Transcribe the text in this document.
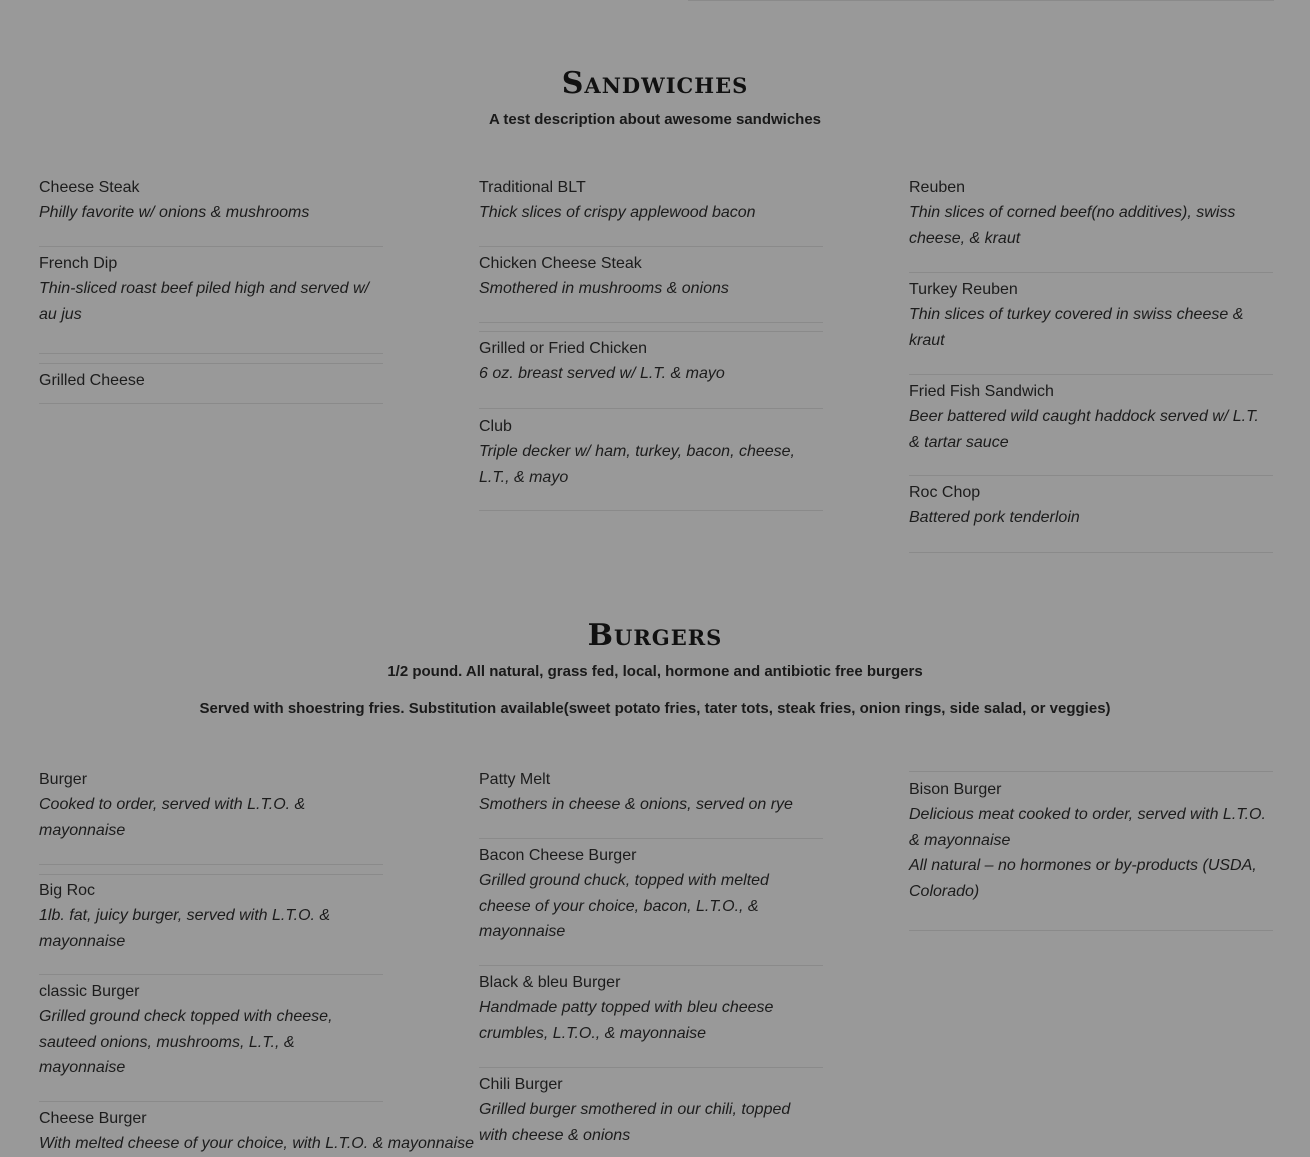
Sandwiches

A test description about awesome sandwiches

Cheese Steak

Philly favorite w/ onions & mushrooms

French Dip

Thin-sliced roast beef piled high and served w/ au jus

Grilled Cheese

Traditional BLT

Thick slices of crispy applewood bacon

Chicken Cheese Steak

Smothered in mushrooms & onions

Grilled or Fried Chicken

6 oz. breast served w/ L.T. & mayo

Club

Triple decker w/ ham, turkey, bacon, cheese, L.T., & mayo

Reuben

Thin slices of corned beef(no additives), swiss cheese, & kraut

Turkey Reuben

Thin slices of turkey covered in swiss cheese & kraut

Fried Fish Sandwich

Beer battered wild caught haddock served w/ L.T. & tartar sauce

Roc Chop

Battered pork tenderloin

Burgers

1/2 pound. All natural, grass fed, local, hormone and antibiotic free burgers

Served with shoestring fries. Substitution available(sweet potato fries, tater tots, steak fries, onion rings, side salad, or veggies)

Burger

Cooked to order, served with L.T.O. & mayonnaise

Big Roc

1lb. fat, juicy burger, served with L.T.O. & mayonnaise

classic Burger

Grilled ground check topped with cheese, sauteed onions, mushrooms, L.T., & mayonnaise

Cheese Burger

With melted cheese of your choice, with L.T.O. & mayonnaise

Patty Melt

Smothers in cheese & onions, served on rye

Bacon Cheese Burger

Grilled ground chuck, topped with melted cheese of your choice, bacon, L.T.O., & mayonnaise

Black & bleu Burger

Handmade patty topped with bleu cheese crumbles, L.T.O., & mayonnaise

Chili Burger

Grilled burger smothered in our chili, topped with cheese & onions

Bison Burger

Delicious meat cooked to order, served with L.T.O. & mayonnaise

All natural – no hormones or by-products (USDA, Colorado)
